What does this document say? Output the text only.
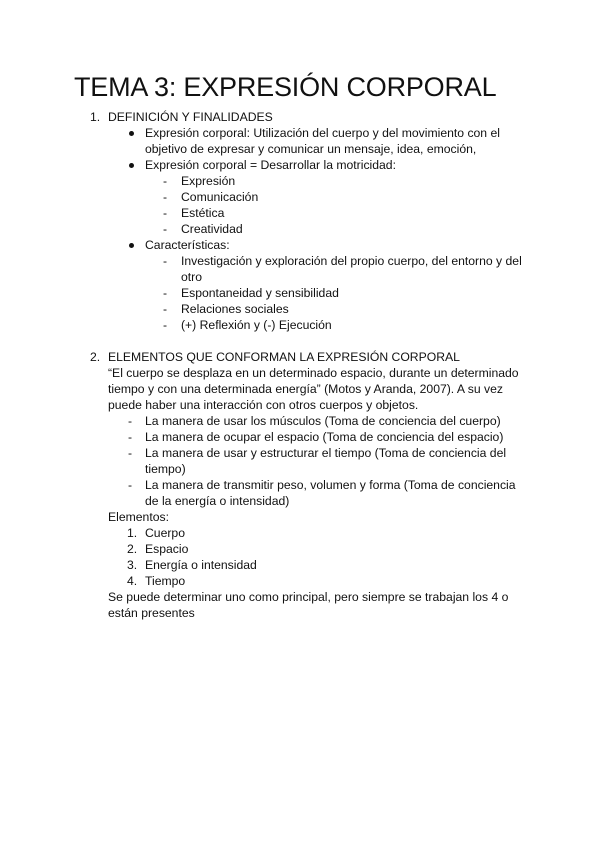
TEMA 3: EXPRESIÓN CORPORAL
1. DEFINICIÓN Y FINALIDADES
Expresión corporal: Utilización del cuerpo y del movimiento con el
objetivo de expresar y comunicar un mensaje, idea, emoción,
Expresión corporal = Desarrollar la motricidad:
- Expresión
- Comunicación
- Estética
- Creatividad
Características:
- Investigación y exploración del propio cuerpo, del entorno y del
otro
- Espontaneidad y sensibilidad
- Relaciones sociales
- (+) Reflexión y (-) Ejecución
2. ELEMENTOS QUE CONFORMAN LA EXPRESIÓN CORPORAL
“El cuerpo se desplaza en un determinado espacio, durante un determinado
tiempo y con una determinada energía” (Motos y Aranda, 2007). A su vez
puede haber una interacción con otros cuerpos y objetos.
- La manera de usar los músculos (Toma de conciencia del cuerpo)
- La manera de ocupar el espacio (Toma de conciencia del espacio)
- La manera de usar y estructurar el tiempo (Toma de conciencia del
tiempo)
- La manera de transmitir peso, volumen y forma (Toma de conciencia
de la energía o intensidad)
Elementos:
1. Cuerpo
2. Espacio
3. Energía o intensidad
4. Tiempo
Se puede determinar uno como principal, pero siempre se trabajan los 4 o
están presentes
